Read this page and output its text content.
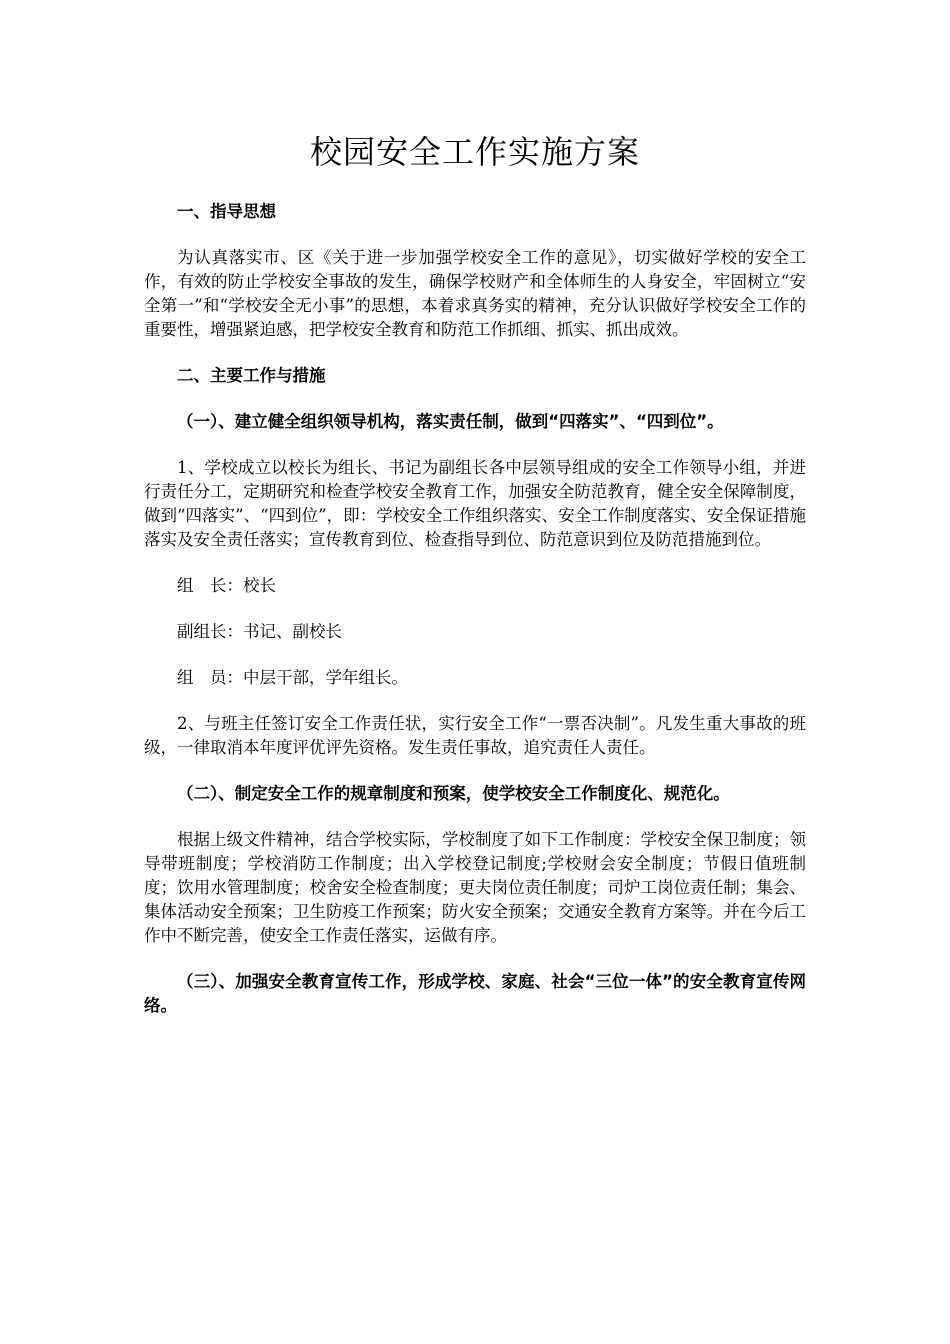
校园安全工作实施方案

一、指导思想

为认真落实市、区《关于进一步加强学校安全工作的意见》，切实做好学校的安全工作，有效的防止学校安全事故的发生，确保学校财产和全体师生的人身安全，牢固树立“安全第一”和“学校安全无小事”的思想，本着求真务实的精神，充分认识做好学校安全工作的重要性，增强紧迫感，把学校安全教育和防范工作抓细、抓实、抓出成效。

二、主要工作与措施

（一）、建立健全组织领导机构，落实责任制，做到“四落实”、“四到位”。

1、学校成立以校长为组长、书记为副组长各中层领导组成的安全工作领导小组，并进行责任分工，定期研究和检查学校安全教育工作，加强安全防范教育，健全安全保障制度，做到“四落实”、“四到位”，即：学校安全工作组织落实、安全工作制度落实、安全保证措施落实及安全责任落实；宣传教育到位、检查指导到位、防范意识到位及防范措施到位。

组　长：校长

副组长：书记、副校长

组　员：中层干部，学年组长。

2、与班主任签订安全工作责任状，实行安全工作“一票否决制”。凡发生重大事故的班级，一律取消本年度评优评先资格。发生责任事故，追究责任人责任。

（二）、制定安全工作的规章制度和预案，使学校安全工作制度化、规范化。

根据上级文件精神，结合学校实际，学校制度了如下工作制度：学校安全保卫制度；领导带班制度；学校消防工作制度；出入学校登记制度;学校财会安全制度；节假日值班制度；饮用水管理制度；校舍安全检查制度；更夫岗位责任制度；司炉工岗位责任制；集会、集体活动安全预案；卫生防疫工作预案；防火安全预案；交通安全教育方案等。并在今后工作中不断完善，使安全工作责任落实，运做有序。

（三）、加强安全教育宣传工作，形成学校、家庭、社会“三位一体”的安全教育宣传网络。
